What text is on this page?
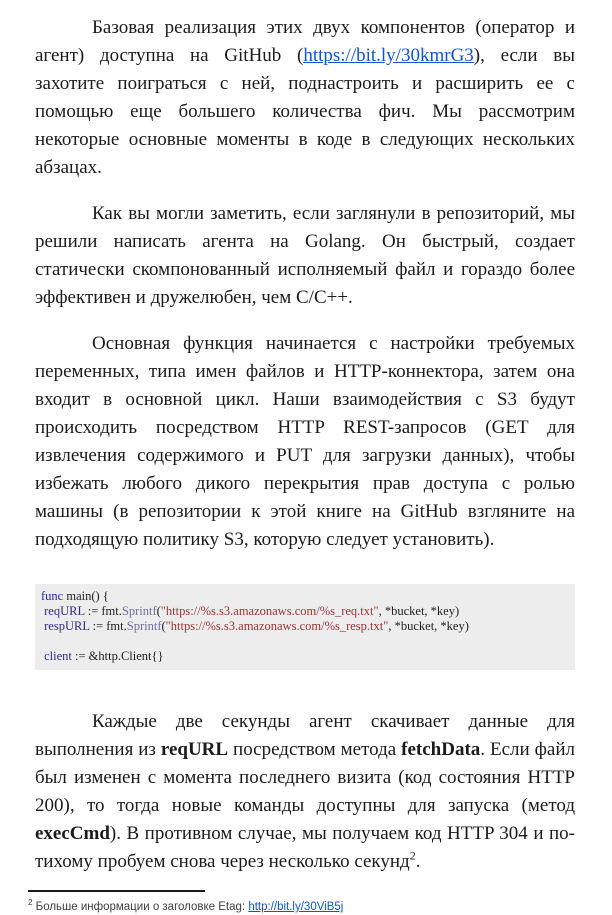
Базовая реализация этих двух компонентов (оператор и агент) доступна на GitHub (https://bit.ly/30kmrG3), если вы захотите поиграться с ней, поднастроить и расширить ее с помощью еще большего количества фич. Мы рассмотрим некоторые основные моменты в коде в следующих нескольких абзацах.

Как вы могли заметить, если заглянули в репозиторий, мы решили написать агента на Golang. Он быстрый, создает статически скомпонованный исполняемый файл и гораздо более эффективен и дружелюбен, чем C/C++.

Основная функция начинается с настройки требуемых переменных, типа имен файлов и HTTP-коннектора, затем она входит в основной цикл. Наши взаимодействия с S3 будут происходить посредством HTTP REST-запросов (GET для извлечения содержимого и PUT для загрузки данных), чтобы избежать любого дикого перекрытия прав доступа с ролью машины (в репозитории к этой книге на GitHub взгляните на подходящую политику S3, которую следует установить).

func main() {
reqURL := fmt.Sprintf("https://%s.s3.amazonaws.com/%s_req.txt", *bucket, *key)
respURL := fmt.Sprintf("https://%s.s3.amazonaws.com/%s_resp.txt", *bucket, *key)
client := &http.Client{}

Каждые две секунды агент скачивает данные для выполнения из reqURL посредством метода fetchData. Если файл был изменен с момента последнего визита (код состояния HTTP 200), то тогда новые команды доступны для запуска (метод execCmd). В противном случае, мы получаем код HTTP 304 и по-тихому пробуем снова через несколько секунд$^2$.

$^2$ Больше информации о заголовке Etag: http://bit.ly/30ViB5j
